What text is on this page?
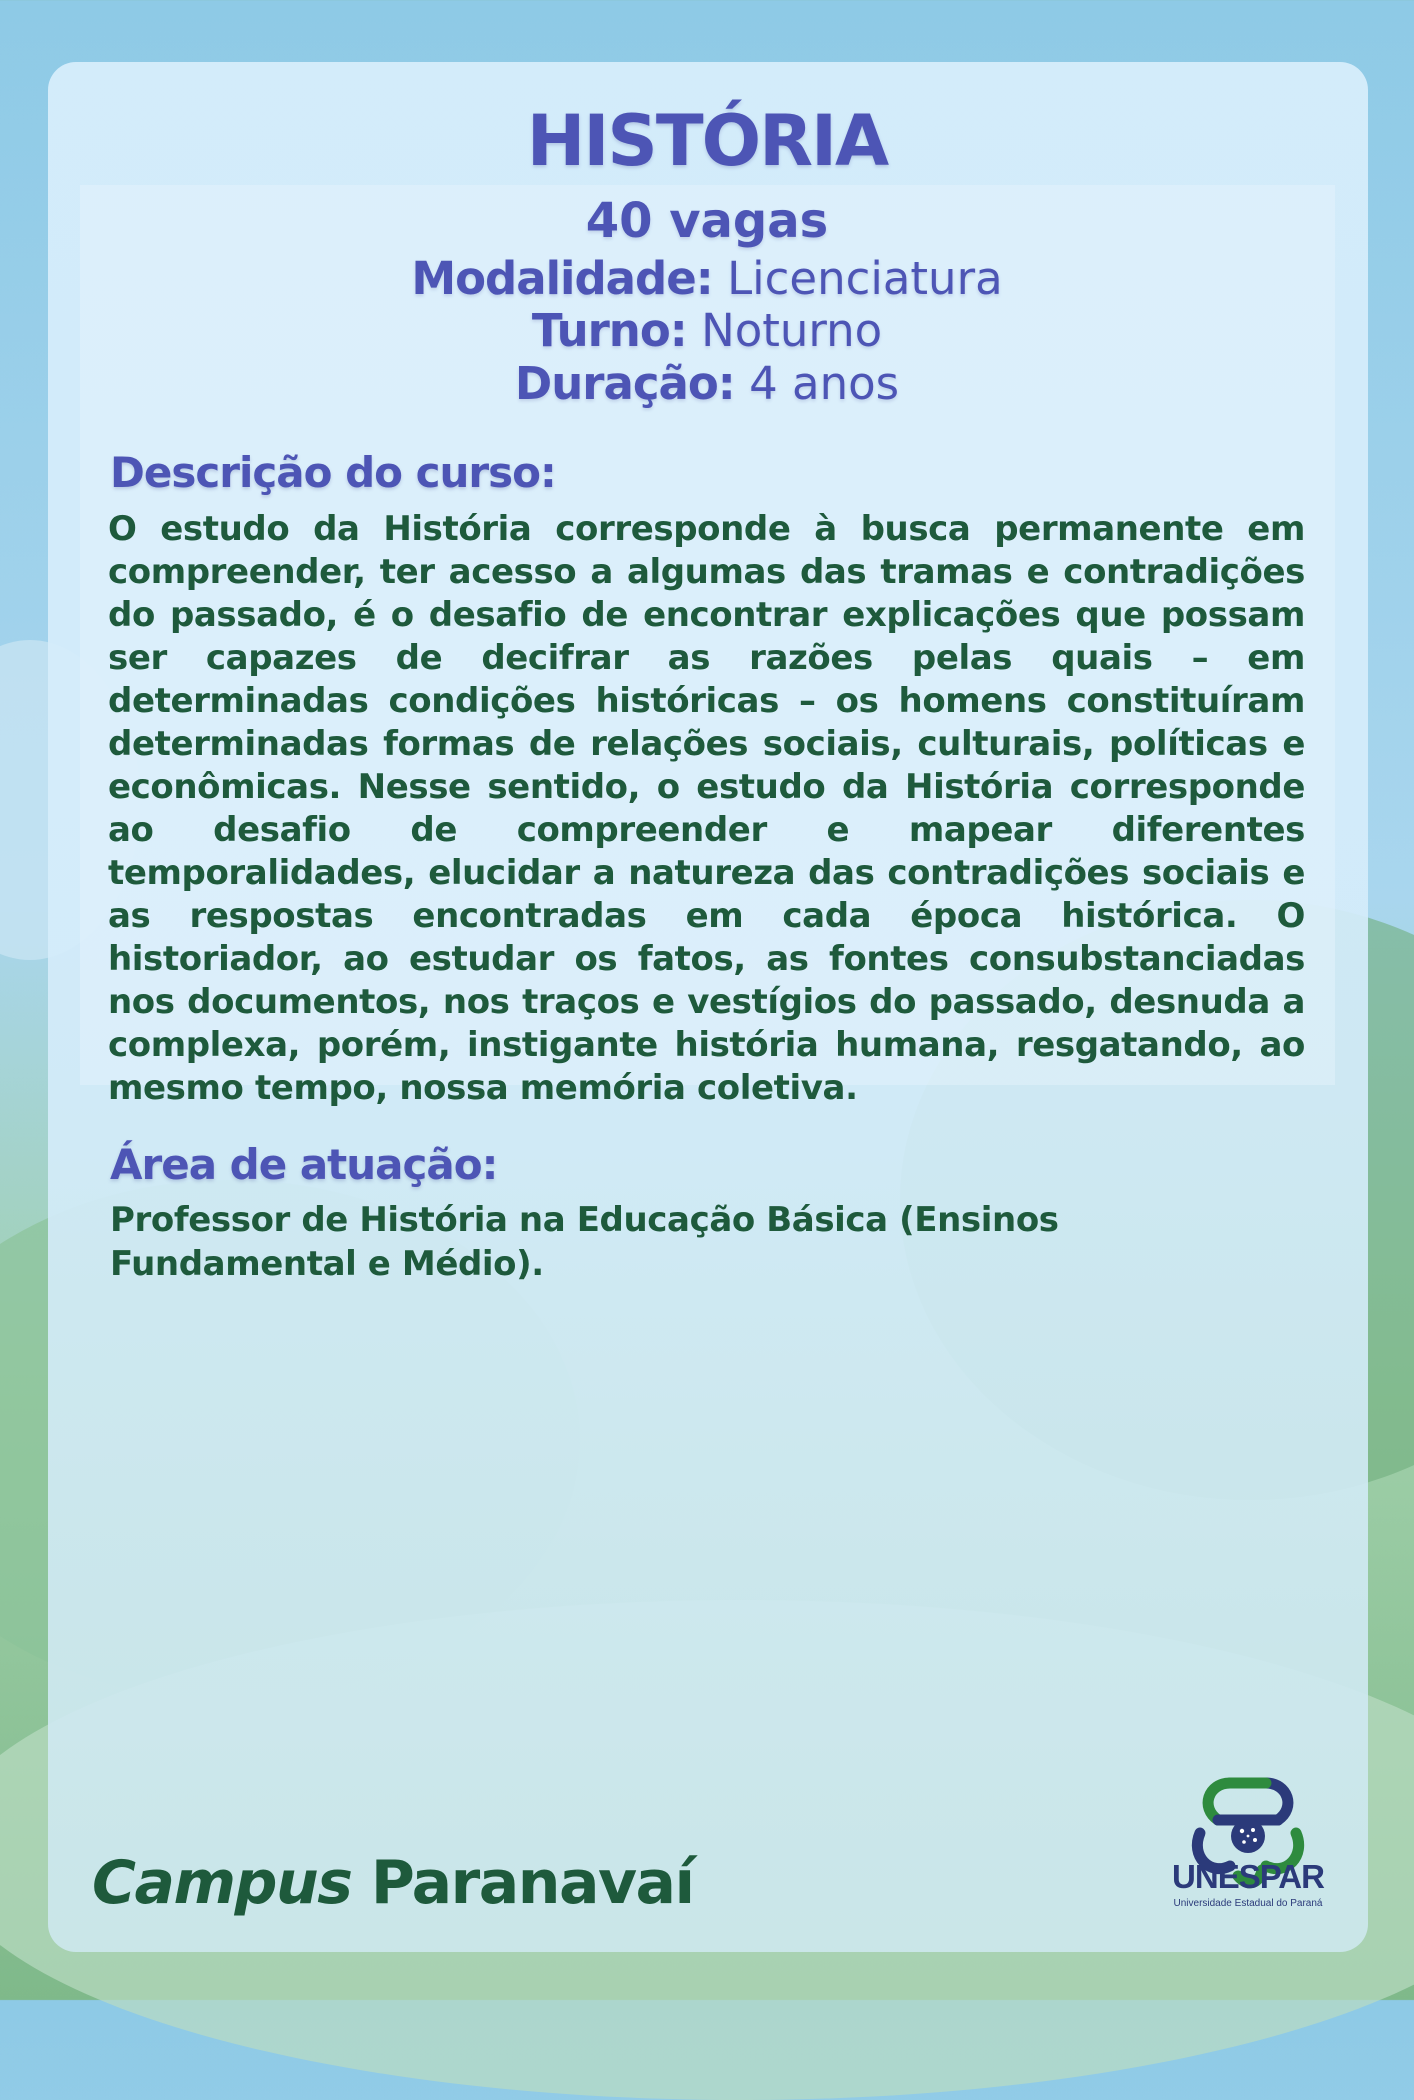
HISTÓRIA
40 vagas
Modalidade: Licenciatura
Turno: Noturno
Duração: 4 anos
Descrição do curso:
O estudo da História corresponde à busca permanente em compreender, ter acesso a algumas das tramas e contradições do passado, é o desafio de encontrar explicações que possam ser capazes de decifrar as razões pelas quais – em determinadas condições históricas – os homens constituíram determinadas formas de relações sociais, culturais, políticas e econômicas. Nesse sentido, o estudo da História corresponde ao desafio de compreender e mapear diferentes temporalidades, elucidar a natureza das contradições sociais e as respostas encontradas em cada época histórica. O historiador, ao estudar os fatos, as fontes consubstanciadas nos documentos, nos traços e vestígios do passado, desnuda a complexa, porém, instigante história humana, resgatando, ao mesmo tempo, nossa memória coletiva.
Área de atuação:
Professor de História na Educação Básica (Ensinos Fundamental e Médio).
Campus Paranavaí	UNESPAR
Universidade Estadual do Paraná
